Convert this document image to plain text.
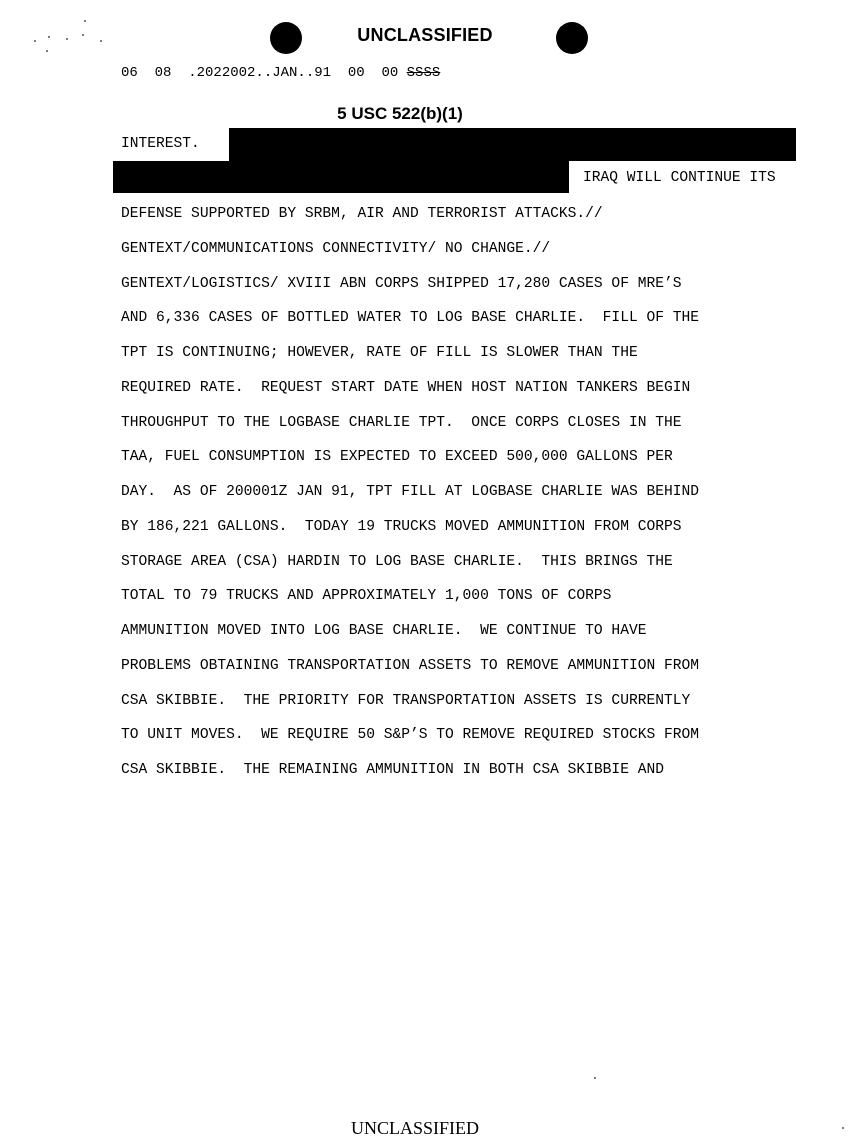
UNCLASSIFIED
06  08  .2022002..JAN..91  00  00 SSSS
5 USC 522(b)(1)
INTEREST.
IRAQ WILL CONTINUE ITS
DEFENSE SUPPORTED BY SRBM, AIR AND TERRORIST ATTACKS.//
GENTEXT/COMMUNICATIONS CONNECTIVITY/ NO CHANGE.//
GENTEXT/LOGISTICS/ XVIII ABN CORPS SHIPPED 17,280 CASES OF MRE’S
AND 6,336 CASES OF BOTTLED WATER TO LOG BASE CHARLIE.  FILL OF THE
TPT IS CONTINUING; HOWEVER, RATE OF FILL IS SLOWER THAN THE
REQUIRED RATE.  REQUEST START DATE WHEN HOST NATION TANKERS BEGIN
THROUGHPUT TO THE LOGBASE CHARLIE TPT.  ONCE CORPS CLOSES IN THE
TAA, FUEL CONSUMPTION IS EXPECTED TO EXCEED 500,000 GALLONS PER
DAY.  AS OF 200001Z JAN 91, TPT FILL AT LOGBASE CHARLIE WAS BEHIND
BY 186,221 GALLONS.  TODAY 19 TRUCKS MOVED AMMUNITION FROM CORPS
STORAGE AREA (CSA) HARDIN TO LOG BASE CHARLIE.  THIS BRINGS THE
TOTAL TO 79 TRUCKS AND APPROXIMATELY 1,000 TONS OF CORPS
AMMUNITION MOVED INTO LOG BASE CHARLIE.  WE CONTINUE TO HAVE
PROBLEMS OBTAINING TRANSPORTATION ASSETS TO REMOVE AMMUNITION FROM
CSA SKIBBIE.  THE PRIORITY FOR TRANSPORTATION ASSETS IS CURRENTLY
TO UNIT MOVES.  WE REQUIRE 50 S&P’S TO REMOVE REQUIRED STOCKS FROM
CSA SKIBBIE.  THE REMAINING AMMUNITION IN BOTH CSA SKIBBIE AND
UNCLASSIFIED
